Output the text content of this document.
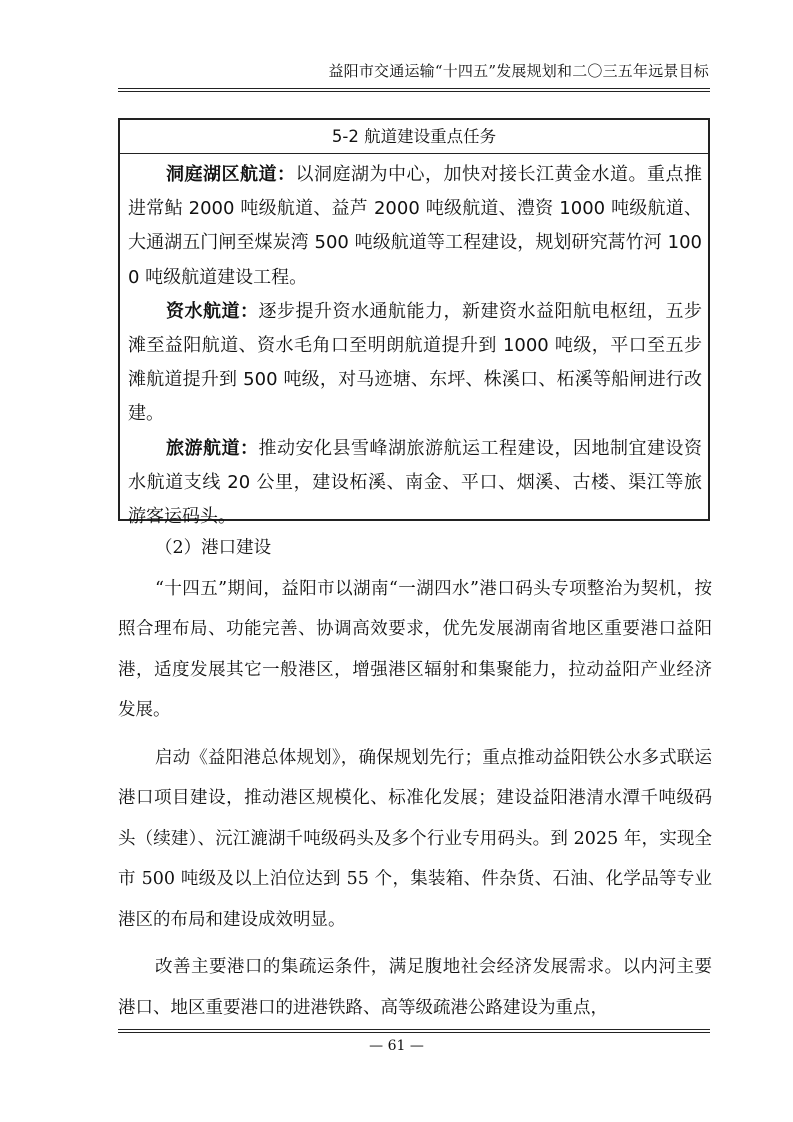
益阳市交通运输“十四五”发展规划和二〇三五年远景目标
5-2 航道建设重点任务

洞庭湖区航道：以洞庭湖为中心，加快对接长江黄金水道。重点推进常鲇 2000 吨级航道、益芦 2000 吨级航道、澧资 1000 吨级航道、大通湖五门闸至煤炭湾 500 吨级航道等工程建设，规划研究蒿竹河 1000 吨级航道建设工程。

资水航道：逐步提升资水通航能力，新建资水益阳航电枢纽，五步滩至益阳航道、资水毛角口至明朗航道提升到 1000 吨级，平口至五步滩航道提升到 500 吨级，对马迹塘、东坪、株溪口、柘溪等船闸进行改建。

旅游航道：推动安化县雪峰湖旅游航运工程建设，因地制宜建设资水航道支线 20 公里，建设柘溪、南金、平口、烟溪、古楼、渠江等旅游客运码头。

（2）港口建设

“十四五”期间，益阳市以湖南“一湖四水”港口码头专项整治为契机，按照合理布局、功能完善、协调高效要求，优先发展湖南省地区重要港口益阳港，适度发展其它一般港区，增强港区辐射和集聚能力，拉动益阳产业经济发展。

启动《益阳港总体规划》，确保规划先行；重点推动益阳铁公水多式联运港口项目建设，推动港区规模化、标准化发展；建设益阳港清水潭千吨级码头（续建）、沅江漉湖千吨级码头及多个行业专用码头。到 2025 年，实现全市 500 吨级及以上泊位达到 55 个，集装箱、件杂货、石油、化学品等专业港区的布局和建设成效明显。

改善主要港口的集疏运条件，满足腹地社会经济发展需求。以内河主要港口、地区重要港口的进港铁路、高等级疏港公路建设为重点，

— 61 —
